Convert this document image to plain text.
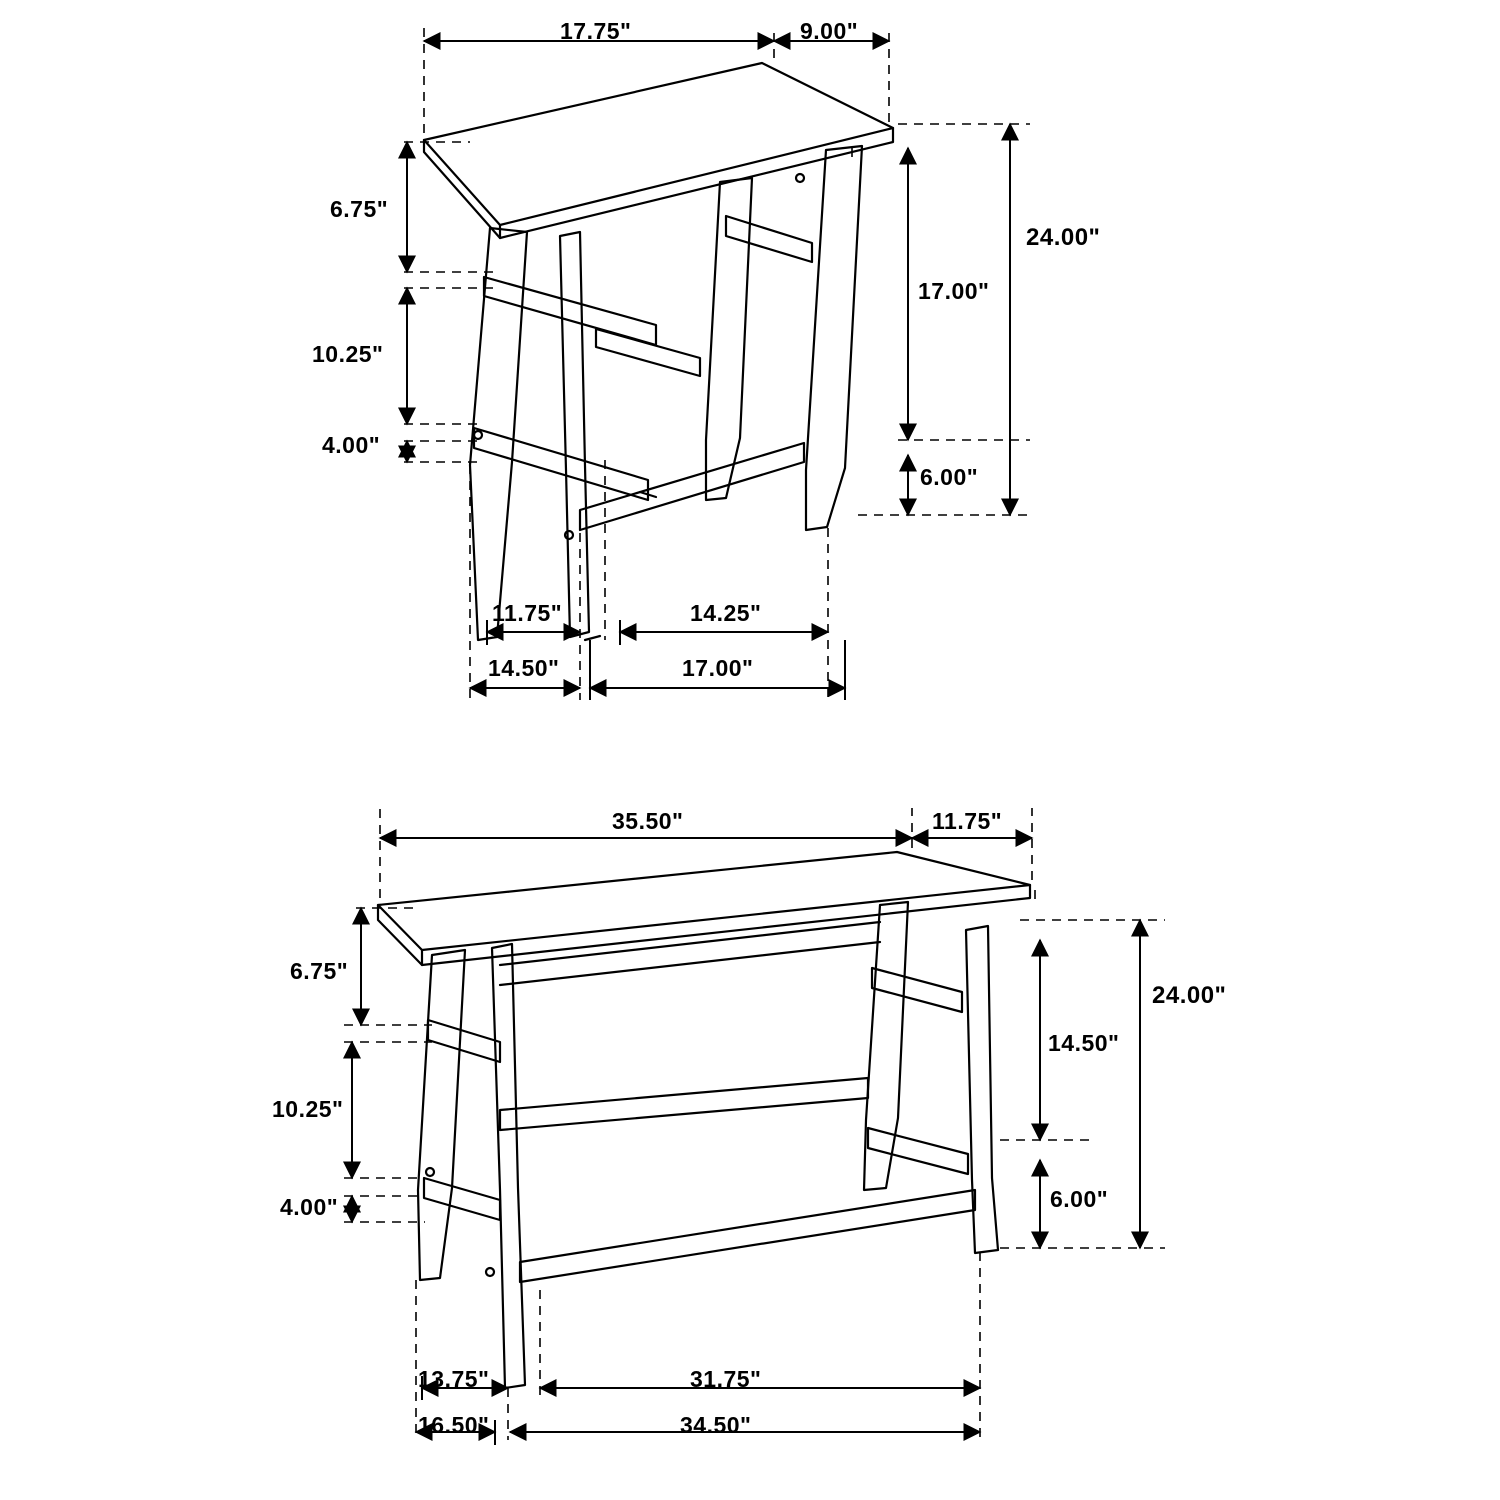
17.75"	9.00"
6.75"
10.25"
4.00"
17.00"
24.00"
6.00"
11.75"	14.25"
14.50"	17.00"
35.50"	11.75"
6.75"
10.25"
4.00"
14.50"
24.00"
6.00"
13.75"	31.75"
16.50"	34.50"
